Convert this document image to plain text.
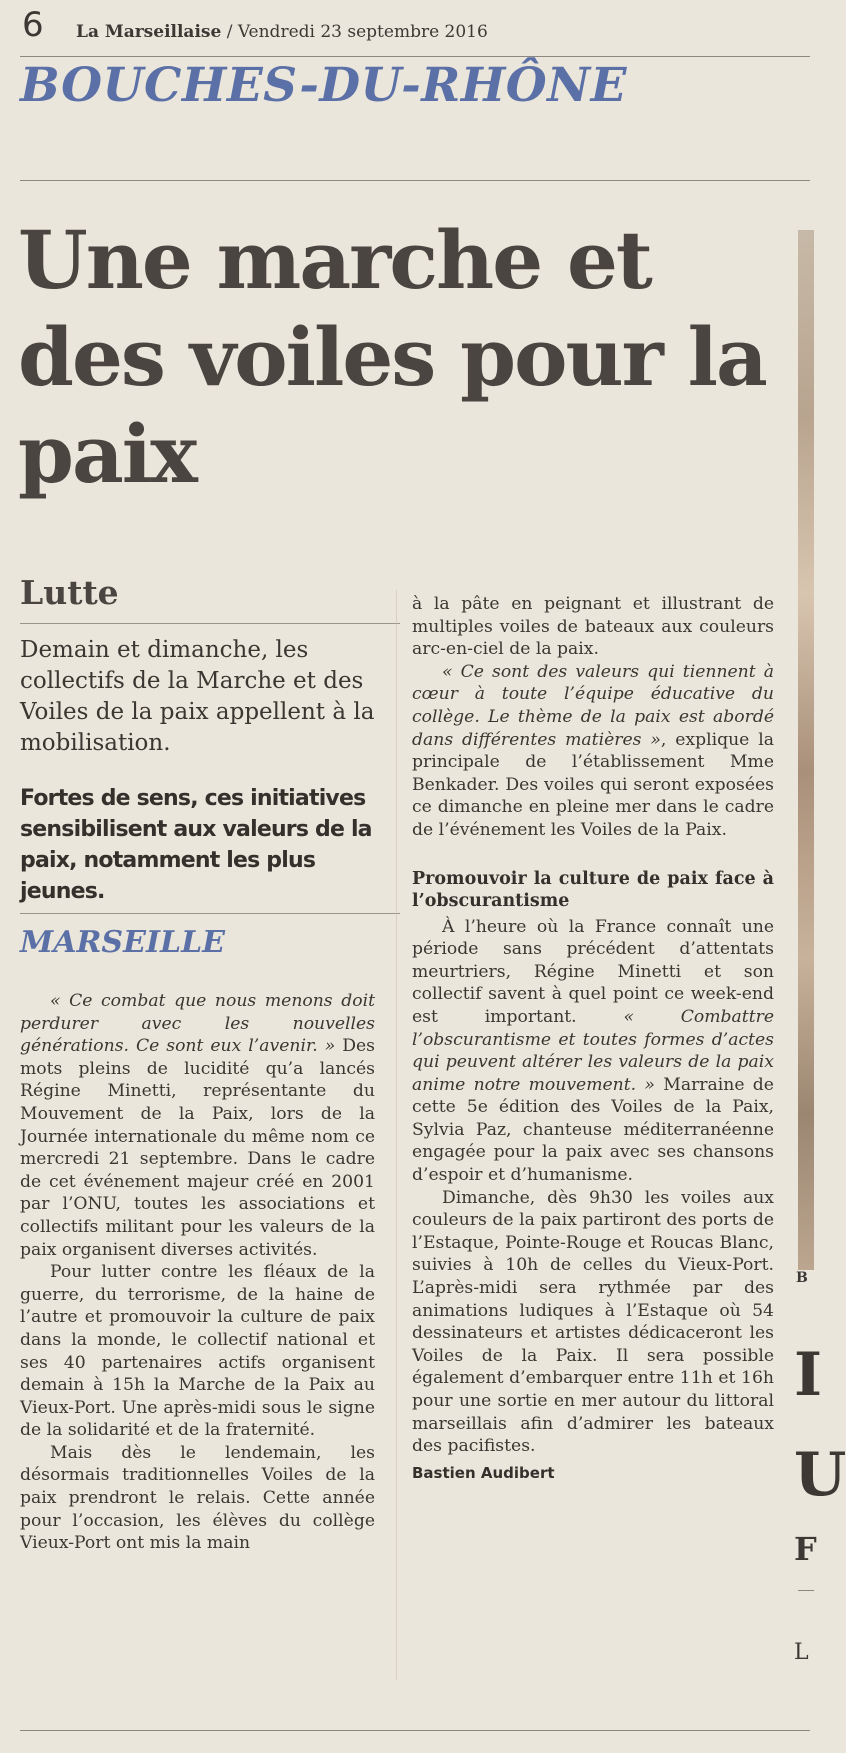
6 La Marseillaise / Vendredi 23 septembre 2016
BOUCHES-DU-RHÔNE
Une marche et des voiles pour la paix
Lutte
Demain et dimanche, les collectifs de la Marche et des Voiles de la paix appellent à la mobilisation.
Fortes de sens, ces initiatives sensibilisent aux valeurs de la paix, notamment les plus jeunes.
MARSEILLE

« Ce combat que nous menons doit perdurer avec les nouvelles générations. Ce sont eux l’avenir. » Des mots pleins de lucidité qu’a lancés Régine Minetti, représentante du Mouvement de la Paix, lors de la Journée internationale du même nom ce mercredi 21 septembre. Dans le cadre de cet événement majeur créé en 2001 par l’ONU, toutes les associations et collectifs militant pour les valeurs de la paix organisent diverses activités.

Pour lutter contre les fléaux de la guerre, du terrorisme, de la haine de l’autre et promouvoir la culture de paix dans la monde, le collectif national et ses 40 partenaires actifs organisent demain à 15h la Marche de la Paix au Vieux-Port. Une après-midi sous le signe de la solidarité et de la fraternité.

Mais dès le lendemain, les désormais traditionnelles Voiles de la paix prendront le relais. Cette année pour l’occasion, les élèves du collège Vieux-Port ont mis la main

à la pâte en peignant et illustrant de multiples voiles de bateaux aux couleurs arc-en-ciel de la paix.

« Ce sont des valeurs qui tiennent à cœur à toute l’équipe éducative du collège. Le thème de la paix est abordé dans différentes matières », explique la principale de l’établissement Mme Benkader. Des voiles qui seront exposées ce dimanche en pleine mer dans le cadre de l’événement les Voiles de la Paix.

Promouvoir la culture de paix face à l’obscurantisme

À l’heure où la France connaît une période sans précédent d’attentats meurtriers, Régine Minetti et son collectif savent à quel point ce week-end est important. « Combattre l’obscurantisme et toutes formes d’actes qui peuvent altérer les valeurs de la paix anime notre mouvement. » Marraine de cette 5e édition des Voiles de la Paix, Sylvia Paz, chanteuse méditerranéenne engagée pour la paix avec ses chansons d’espoir et d’humanisme.

Dimanche, dès 9h30 les voiles aux couleurs de la paix partiront des ports de l’Estaque, Pointe-Rouge et Roucas Blanc, suivies à 10h de celles du Vieux-Port. L’après-midi sera rythmée par des animations ludiques à l’Estaque où 54 dessinateurs et artistes dédicaceront les Voiles de la Paix. Il sera possible également d’embarquer entre 11h et 16h pour une sortie en mer autour du littoral marseillais afin d’admirer les bateaux des pacifistes.

Bastien Audibert
B
I
U
F
L
